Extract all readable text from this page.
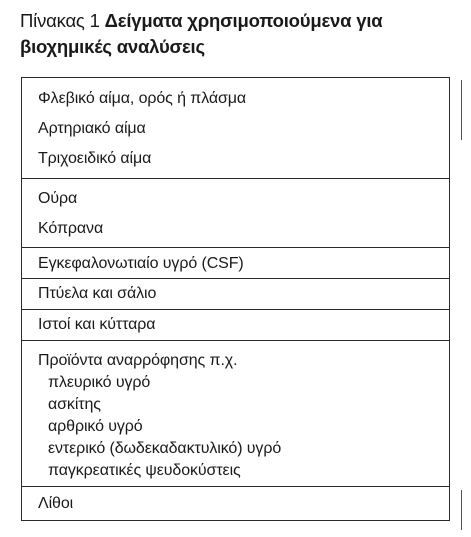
Πίνακας 1 Δείγματα χρησιμοποιούμενα για
βιοχημικές αναλύσεις
Φλεβικό αίμα, ορός ή πλάσμα
Αρτηριακό αίμα
Τριχοειδικό αίμα
Ούρα
Κόπρανα
Εγκεφαλονωτιαίο υγρό (CSF)
Πτύελα και σάλιο
Ιστοί και κύτταρα
Προϊόντα αναρρόφησης π.χ.
πλευρικό υγρό
ασκίτης
αρθρικό υγρό
εντερικό (δωδεκαδακτυλικό) υγρό
παγκρεατικές ψευδοκύστεις
Λίθοι
